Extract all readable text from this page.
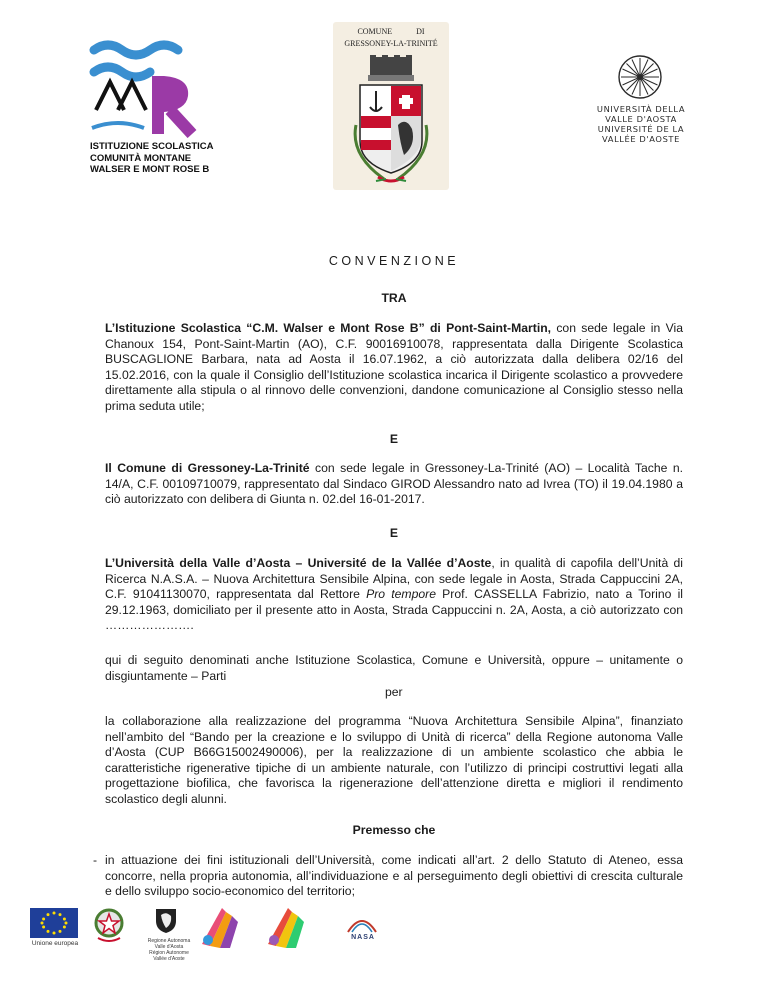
ISTITUZIONE SCOLASTICA
COMUNITÀ MONTANE
WALSER E MONT ROSE B
COMUNE DI
GRESSONEY-LA-TRINITÉ
UNIVERSITÀ DELLA
VALLE D'AOSTA
UNIVERSITÉ DE LA
VALLÉE D'AOSTE

CONVENZIONE

TRA

L’Istituzione Scolastica “C.M. Walser e Mont Rose B” di Pont-Saint-Martin, con sede legale in Via Chanoux 154, Pont-Saint-Martin (AO), C.F. 90016910078, rappresentata dalla Dirigente Scolastica BUSCAGLIONE Barbara, nata ad Aosta il 16.07.1962, a ciò autorizzata dalla delibera 02/16 del 15.02.2016, con la quale il Consiglio dell’Istituzione scolastica incarica il Dirigente scolastico a provvedere direttamente alla stipula o al rinnovo delle convenzioni, dandone comunicazione al Consiglio stesso nella prima seduta utile;

E

Il Comune di Gressoney-La-Trinité con sede legale in Gressoney-La-Trinité (AO) – Località Tache n. 14/A, C.F. 00109710079, rappresentato dal Sindaco GIROD Alessandro nato ad Ivrea (TO) il 19.04.1980 a ciò autorizzato con delibera di Giunta n. 02.del 16-01-2017.

E

L’Università della Valle d’Aosta – Université de la Vallée d’Aoste, in qualità di capofila dell’Unità di Ricerca N.A.S.A. – Nuova Architettura Sensibile Alpina, con sede legale in Aosta, Strada Cappuccini 2A, C.F. 91041130070, rappresentata dal Rettore Pro tempore Prof. CASSELLA Fabrizio, nato a Torino il 29.12.1963, domiciliato per il presente atto in Aosta, Strada Cappuccini n. 2A, Aosta, a ciò autorizzato con ………………….

qui di seguito denominati anche Istituzione Scolastica, Comune e Università, oppure – unitamente o disgiuntamente – Parti

per

la collaborazione alla realizzazione del programma “Nuova Architettura Sensibile Alpina”, finanziato nell’ambito del “Bando per la creazione e lo sviluppo di Unità di ricerca” della Regione autonoma Valle d’Aosta (CUP B66G15002490006), per la realizzazione di un ambiente scolastico che abbia le caratteristiche rigenerative tipiche di un ambiente naturale, con l’utilizzo di principi costruttivi legati alla progettazione biofilica, che favorisca la rigenerazione dell’attenzione diretta e migliori il rendimento scolastico degli alunni.

Premesso che

- in attuazione dei fini istituzionali dell’Università, come indicati all’art. 2 dello Statuto di Ateneo, essa concorre, nella propria autonomia, all’individuazione e al perseguimento degli obiettivi di crescita culturale e dello sviluppo socio-economico del territorio;

NASA
Unione europea	Regione Autonoma
Valle d'Aosta
Région Autonome
Vallée d'Aoste
